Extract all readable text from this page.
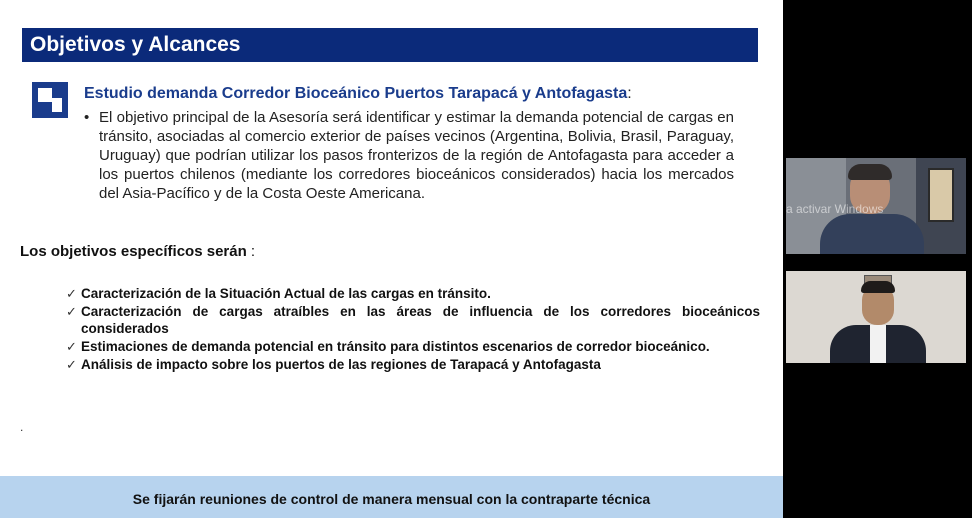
Objetivos y Alcances
Estudio demanda Corredor Bioceánico Puertos Tarapacá y Antofagasta:
• El objetivo principal de la Asesoría será identificar y estimar la demanda potencial de cargas en tránsito, asociadas al comercio exterior de países vecinos (Argentina, Bolivia, Brasil, Paraguay, Uruguay) que podrían utilizar los pasos fronterizos de la región de Antofagasta para acceder a los puertos chilenos (mediante los corredores bioceánicos considerados) hacia los mercados del Asia-Pacífico y de la Costa Oeste Americana.
Los objetivos específicos serán :
✓ Caracterización de la Situación Actual de las cargas en tránsito.
✓ Caracterización de cargas atraíbles en las áreas de influencia de los corredores bioceánicos considerados
✓ Estimaciones de demanda potencial en tránsito para distintos escenarios de corredor bioceánico.
✓ Análisis de impacto sobre los puertos de las regiones de Tarapacá y Antofagasta
.
Se fijarán reuniones de control de manera mensual con la contraparte técnica
a activar Windows
